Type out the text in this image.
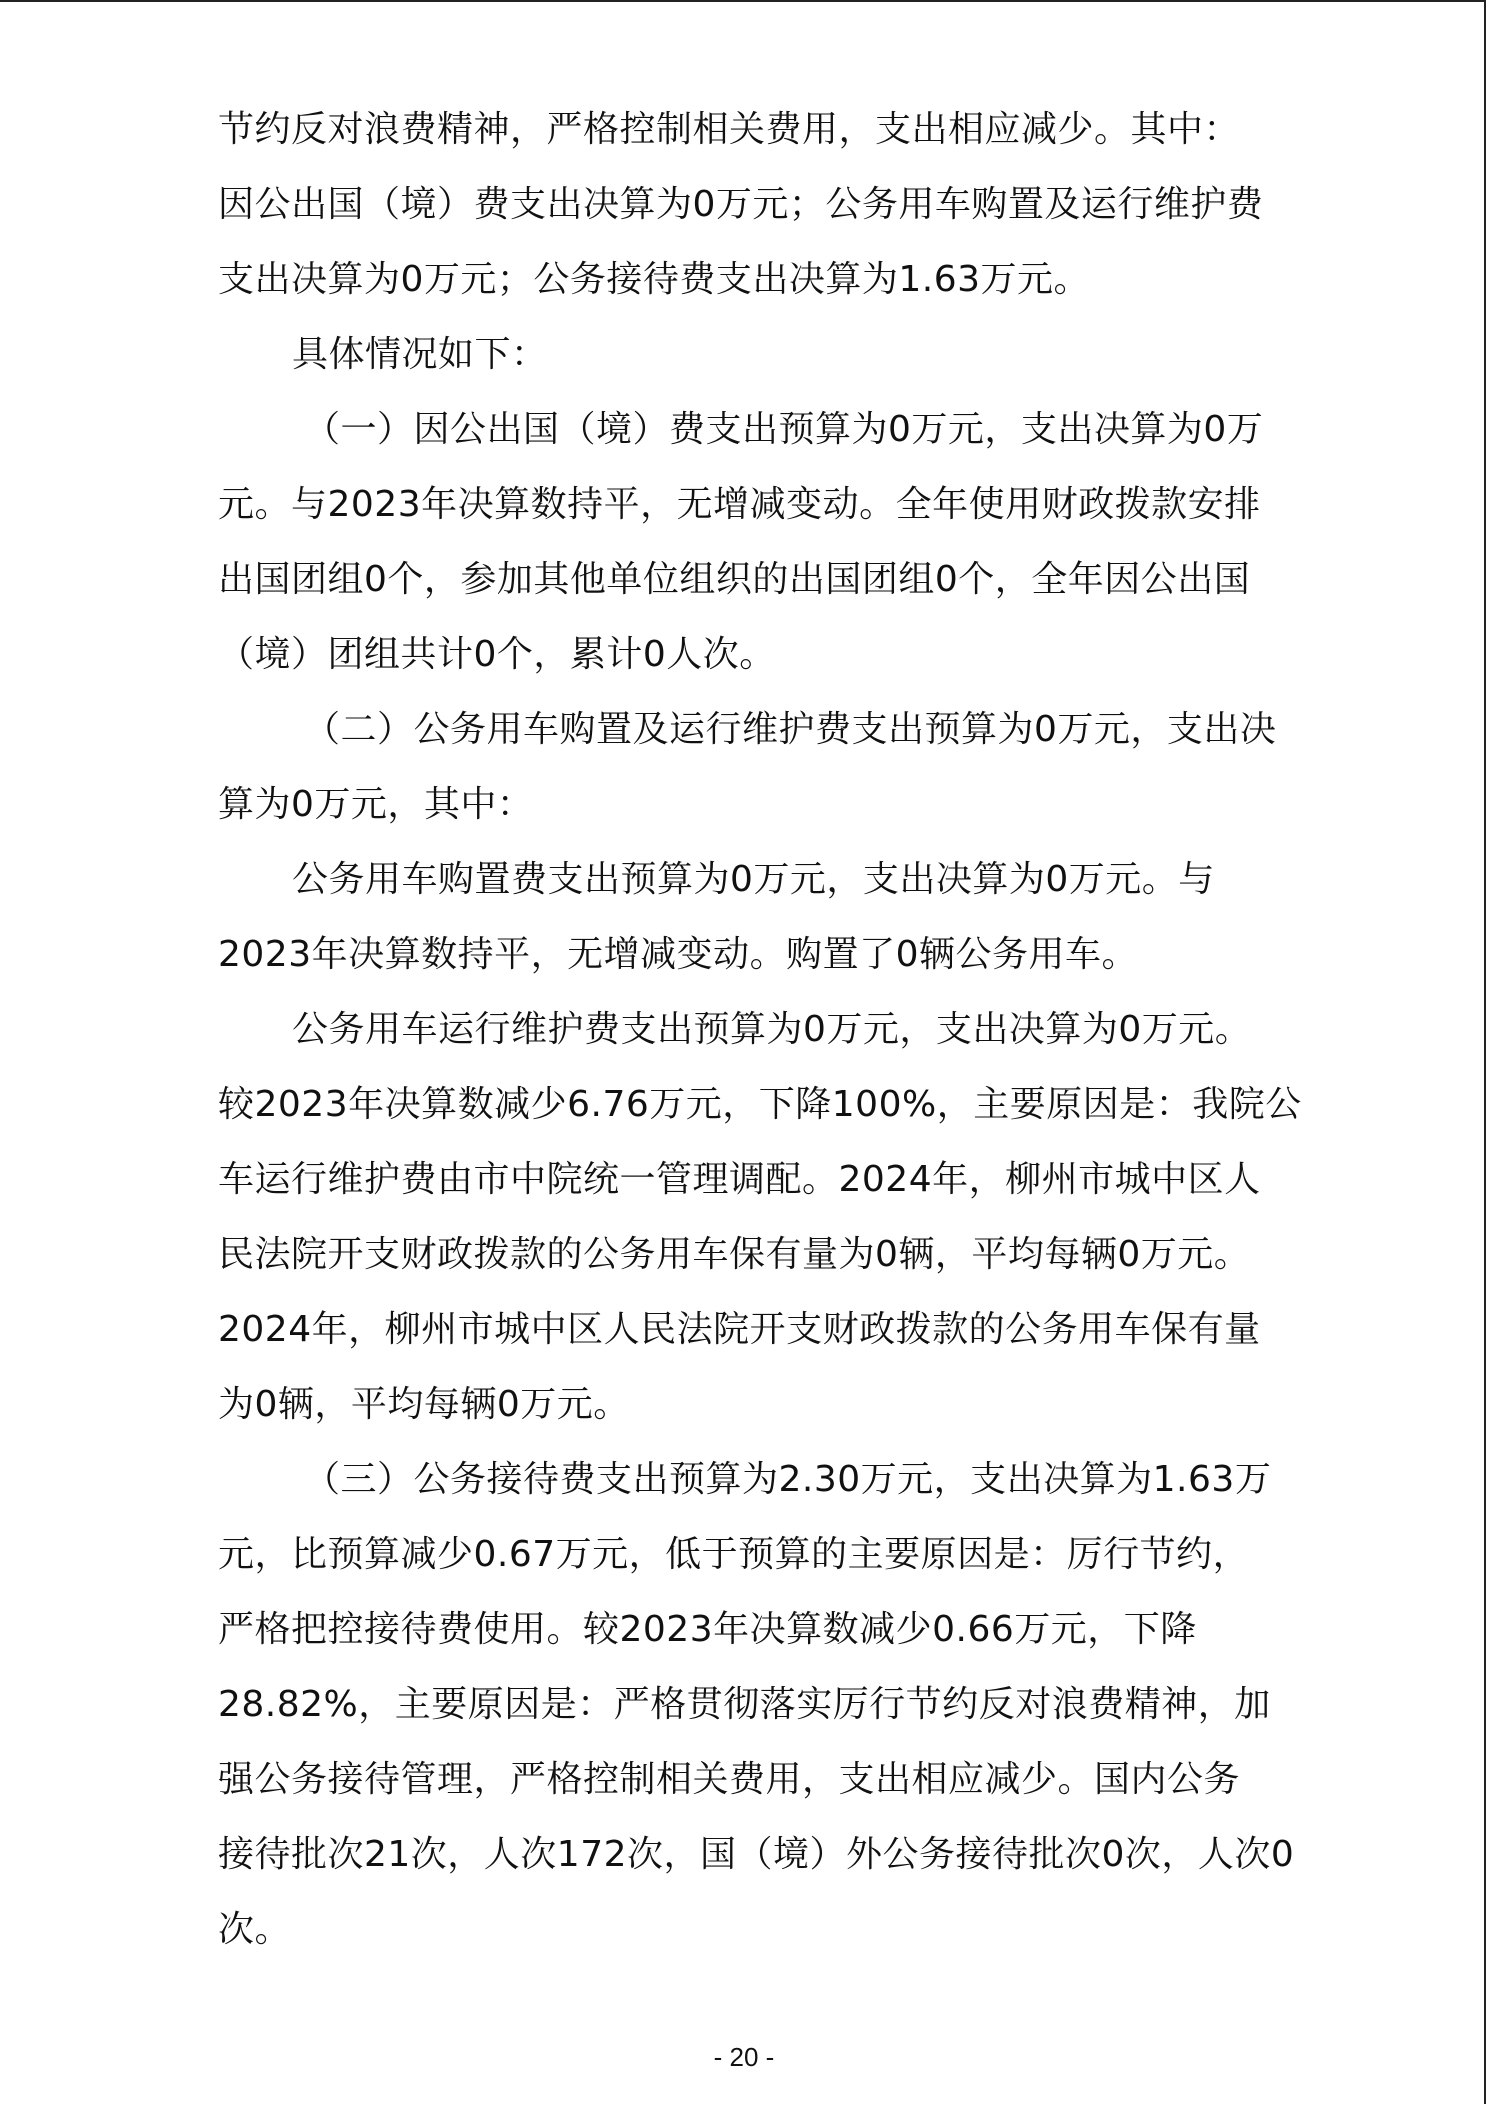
节约反对浪费精神，严格控制相关费用，支出相应减少。其中：
因公出国（境）费支出决算为0万元；公务用车购置及运行维护费
支出决算为0万元；公务接待费支出决算为1.63万元。
具体情况如下：
（一）因公出国（境）费支出预算为0万元，支出决算为0万
元。与2023年决算数持平，无增减变动。全年使用财政拨款安排
出国团组0个，参加其他单位组织的出国团组0个，全年因公出国
（境）团组共计0个，累计0人次。
（二）公务用车购置及运行维护费支出预算为0万元，支出决
算为0万元，其中：
公务用车购置费支出预算为0万元，支出决算为0万元。与
2023年决算数持平，无增减变动。购置了0辆公务用车。
公务用车运行维护费支出预算为0万元，支出决算为0万元。
较2023年决算数减少6.76万元，下降100%，主要原因是：我院公
车运行维护费由市中院统一管理调配。2024年，柳州市城中区人
民法院开支财政拨款的公务用车保有量为0辆，平均每辆0万元。
2024年，柳州市城中区人民法院开支财政拨款的公务用车保有量
为0辆，平均每辆0万元。
（三）公务接待费支出预算为2.30万元，支出决算为1.63万
元，比预算减少0.67万元，低于预算的主要原因是：厉行节约，
严格把控接待费使用。较2023年决算数减少0.66万元，下降
28.82%，主要原因是：严格贯彻落实厉行节约反对浪费精神，加
强公务接待管理，严格控制相关费用，支出相应减少。国内公务
接待批次21次，人次172次，国（境）外公务接待批次0次，人次0
次。
- 20 -
